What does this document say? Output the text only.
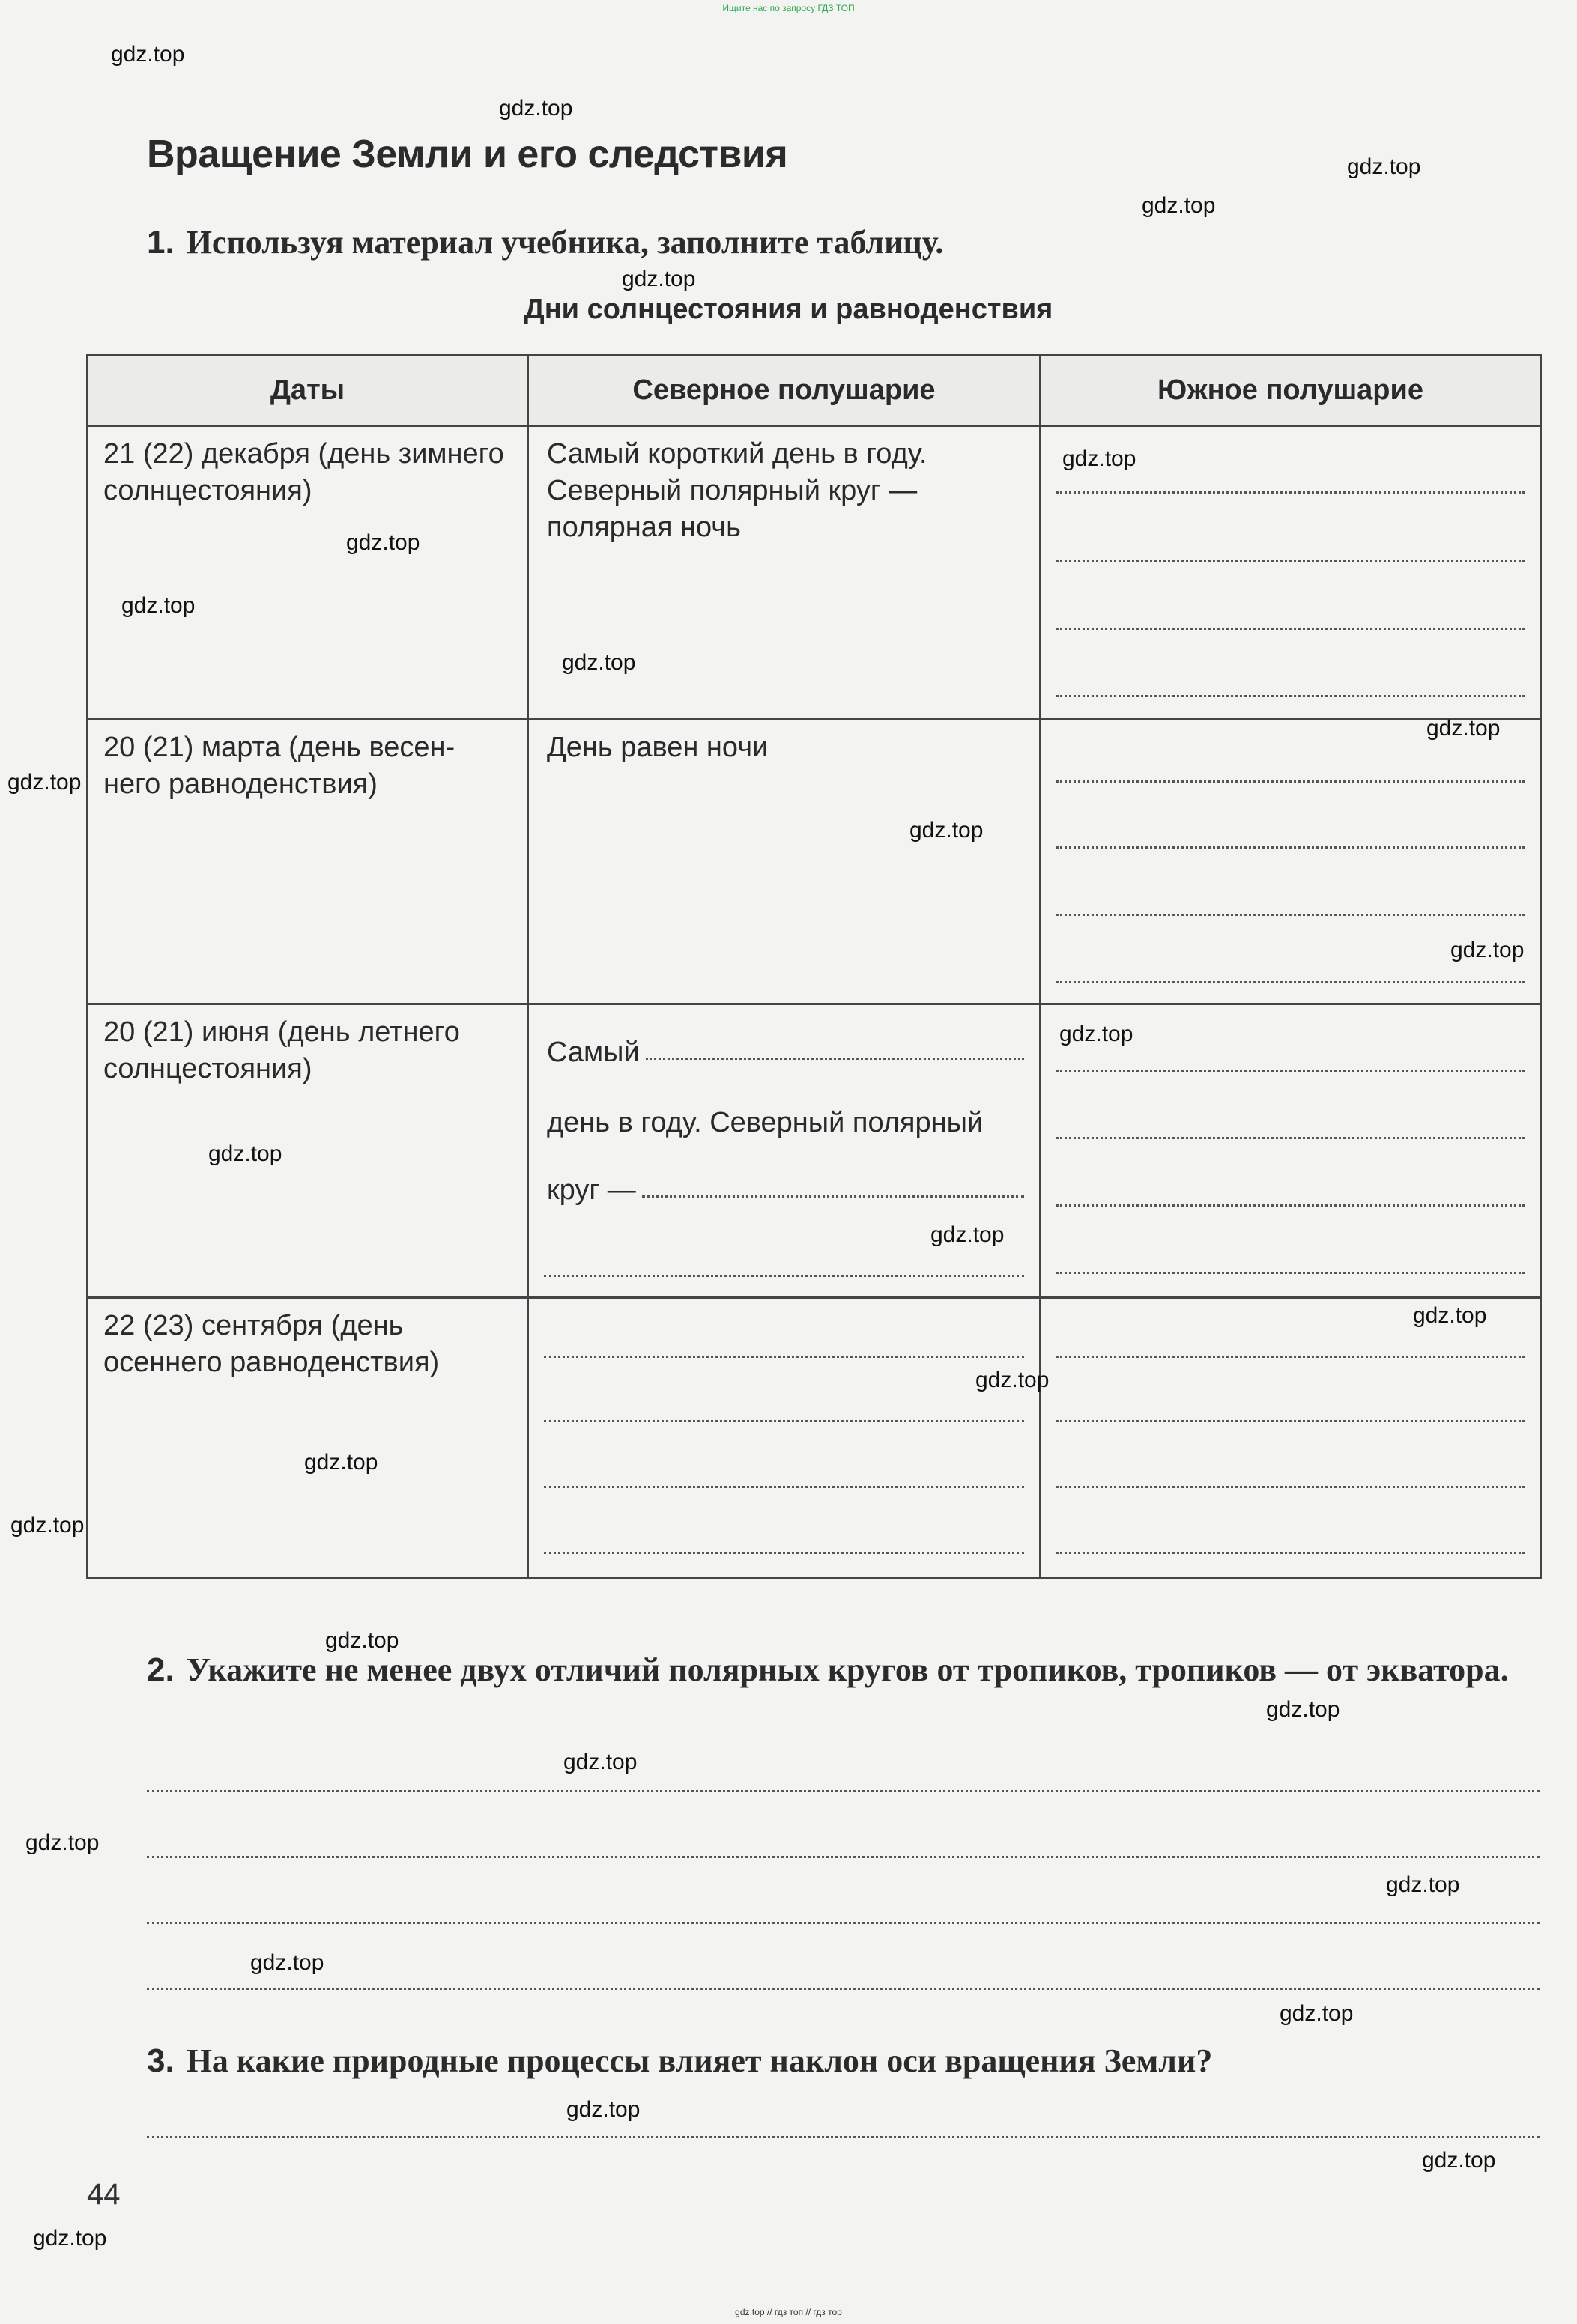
Ищите нас по запросу ГДЗ ТОП
Вращение Земли и его следствия
1. Используя материал учебника, заполните таблицу.
Дни солнцестояния и равноденствия
Даты	Северное полушарие	Южное полушарие

21 (22) декабря (день зимнего солнцестояния)	Самый короткий день в году. Северный полярный круг — полярная ночь	

20 (21) марта (день весен-него равноденствия)	День равен ночи	

20 (21) июня (день летнего солнцестояния)	Самый
день в году. Северный полярный
круг —	

22 (23) сентября (день осеннего равноденствия)		

2. Укажите не менее двух отличий полярных кругов от тропиков, тропиков — от экватора.
3. На какие природные процессы влияет наклон оси вращения Земли?
44
gdz.top
gdz.top
gdz.top
gdz.top
gdz.top
gdz.top
gdz.top
gdz.top
gdz.top
gdz.top
gdz.top
gdz.top
gdz.top
gdz.top
gdz.top
gdz.top
gdz.top
gdz.top
gdz.top
gdz.top
gdz.top
gdz.top
gdz.top
gdz.top
gdz.top
gdz.top
gdz.top
gdz.top
gdz.top
gdz.top
gdz top // гдз топ // гдз тор
